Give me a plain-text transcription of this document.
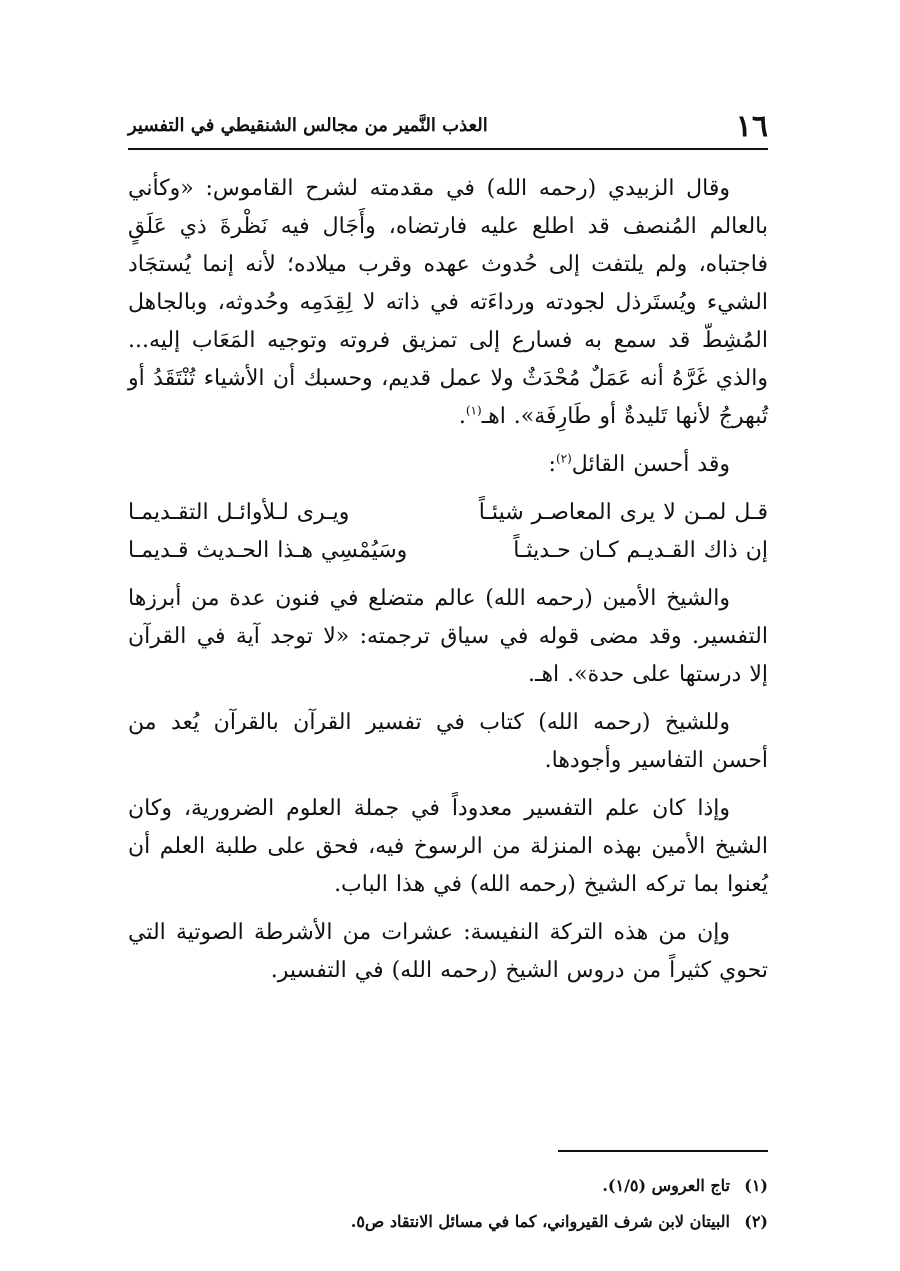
١٦
العذب النَّمير من مجالس الشنقيطي في التفسير

وقال الزبيدي (رحمه الله) في مقدمته لشرح القاموس: «وكأني بالعالم المُنصف قد اطلع عليه فارتضاه، وأَجَال فيه نَظْرةَ ذي عَلَقٍ فاجتباه، ولم يلتفت إلى حُدوث عهده وقرب ميلاده؛ لأنه إنما يُستجَاد الشيء ويُستَرذل لجودته ورداءَته في ذاته لا لِقِدَمِه وحُدوثه، وبالجاهل المُشِطّ قد سمع به فسارع إلى تمزيق فروته وتوجيه المَعَاب إليه... والذي غَرَّهُ أنه عَمَلٌ مُحْدَثٌ ولا عمل قديم، وحسبك أن الأشياء تُنْتَقَدُ أو تُبهرجُ لأنها تَليدةٌ أو طَارِفَة». اهـ$^{(١)}$.

وقد أحسن القائل$^{(٢)}$:

قـل لمـن لا يرى المعاصـر شيئـاً
ويـرى لـلأوائـل التقـديمـا
إن ذاك القـديـم كـان حـديثـاً
وسَيُمْسِي هـذا الحـديث قـديمـا

والشيخ الأمين (رحمه الله) عالم متضلع في فنون عدة من أبرزها التفسير. وقد مضى قوله في سياق ترجمته: «لا توجد آية في القرآن إلا درستها على حدة». اهـ.

وللشيخ (رحمه الله) كتاب في تفسير القرآن بالقرآن يُعد من أحسن التفاسير وأجودها.

وإذا كان علم التفسير معدوداً في جملة العلوم الضرورية، وكان الشيخ الأمين بهذه المنزلة من الرسوخ فيه، فحق على طلبة العلم أن يُعنوا بما تركه الشيخ (رحمه الله) في هذا الباب.

وإن من هذه التركة النفيسة: عشرات من الأشرطة الصوتية التي تحوي كثيراً من دروس الشيخ (رحمه الله) في التفسير.

(١)
تاج العروس (١/٥).
(٢)
البيتان لابن شرف القيرواني، كما في مسائل الانتقاد ص٥.
